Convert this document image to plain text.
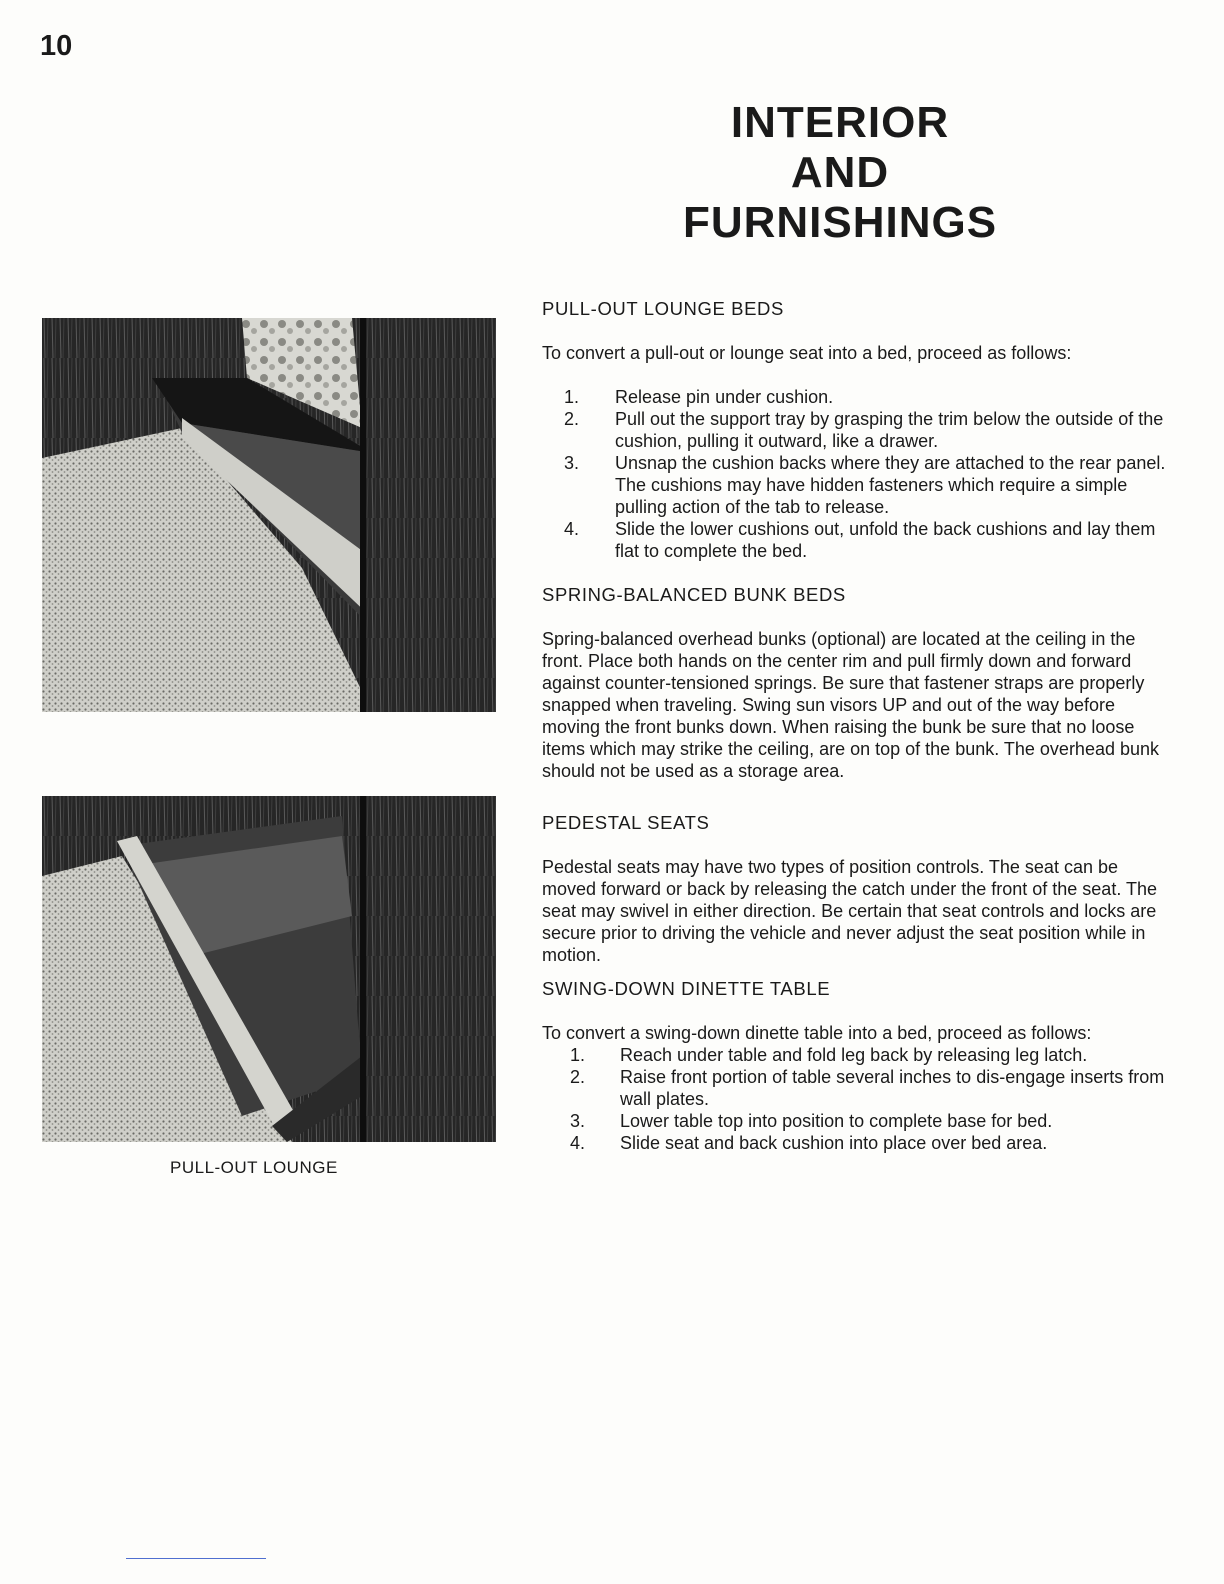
10
INTERIOR
AND
FURNISHINGS
PULL-OUT LOUNGE
PULL-OUT LOUNGE BEDS

To convert a pull-out or lounge seat into a bed, proceed as follows:

1. Release pin under cushion.
2. Pull out the support tray by grasping the trim below the outside of the cushion, pulling it outward, like a drawer.
3. Unsnap the cushion backs where they are attached to the rear panel. The cushions may have hidden fasteners which require a simple pulling action of the tab to release.
4. Slide the lower cushions out, unfold the back cushions and lay them flat to complete the bed.
SPRING-BALANCED BUNK BEDS

Spring-balanced overhead bunks (optional) are located at the ceiling in the front. Place both hands on the center rim and pull firmly down and forward against counter-tensioned springs. Be sure that fastener straps are properly snapped when traveling. Swing sun visors UP and out of the way before moving the front bunks down. When raising the bunk be sure that no loose items which may strike the ceiling, are on top of the bunk. The overhead bunk should not be used as a storage area.

PEDESTAL SEATS

Pedestal seats may have two types of position controls. The seat can be moved forward or back by releasing the catch under the front of the seat. The seat may swivel in either direction. Be certain that seat controls and locks are secure prior to driving the vehicle and never adjust the seat position while in motion.

SWING-DOWN DINETTE TABLE

To convert a swing-down dinette table into a bed, proceed as follows:

1. Reach under table and fold leg back by releasing leg latch.
2. Raise front portion of table several inches to dis-engage inserts from wall plates.
3. Lower table top into position to complete base for bed.
4. Slide seat and back cushion into place over bed area.
